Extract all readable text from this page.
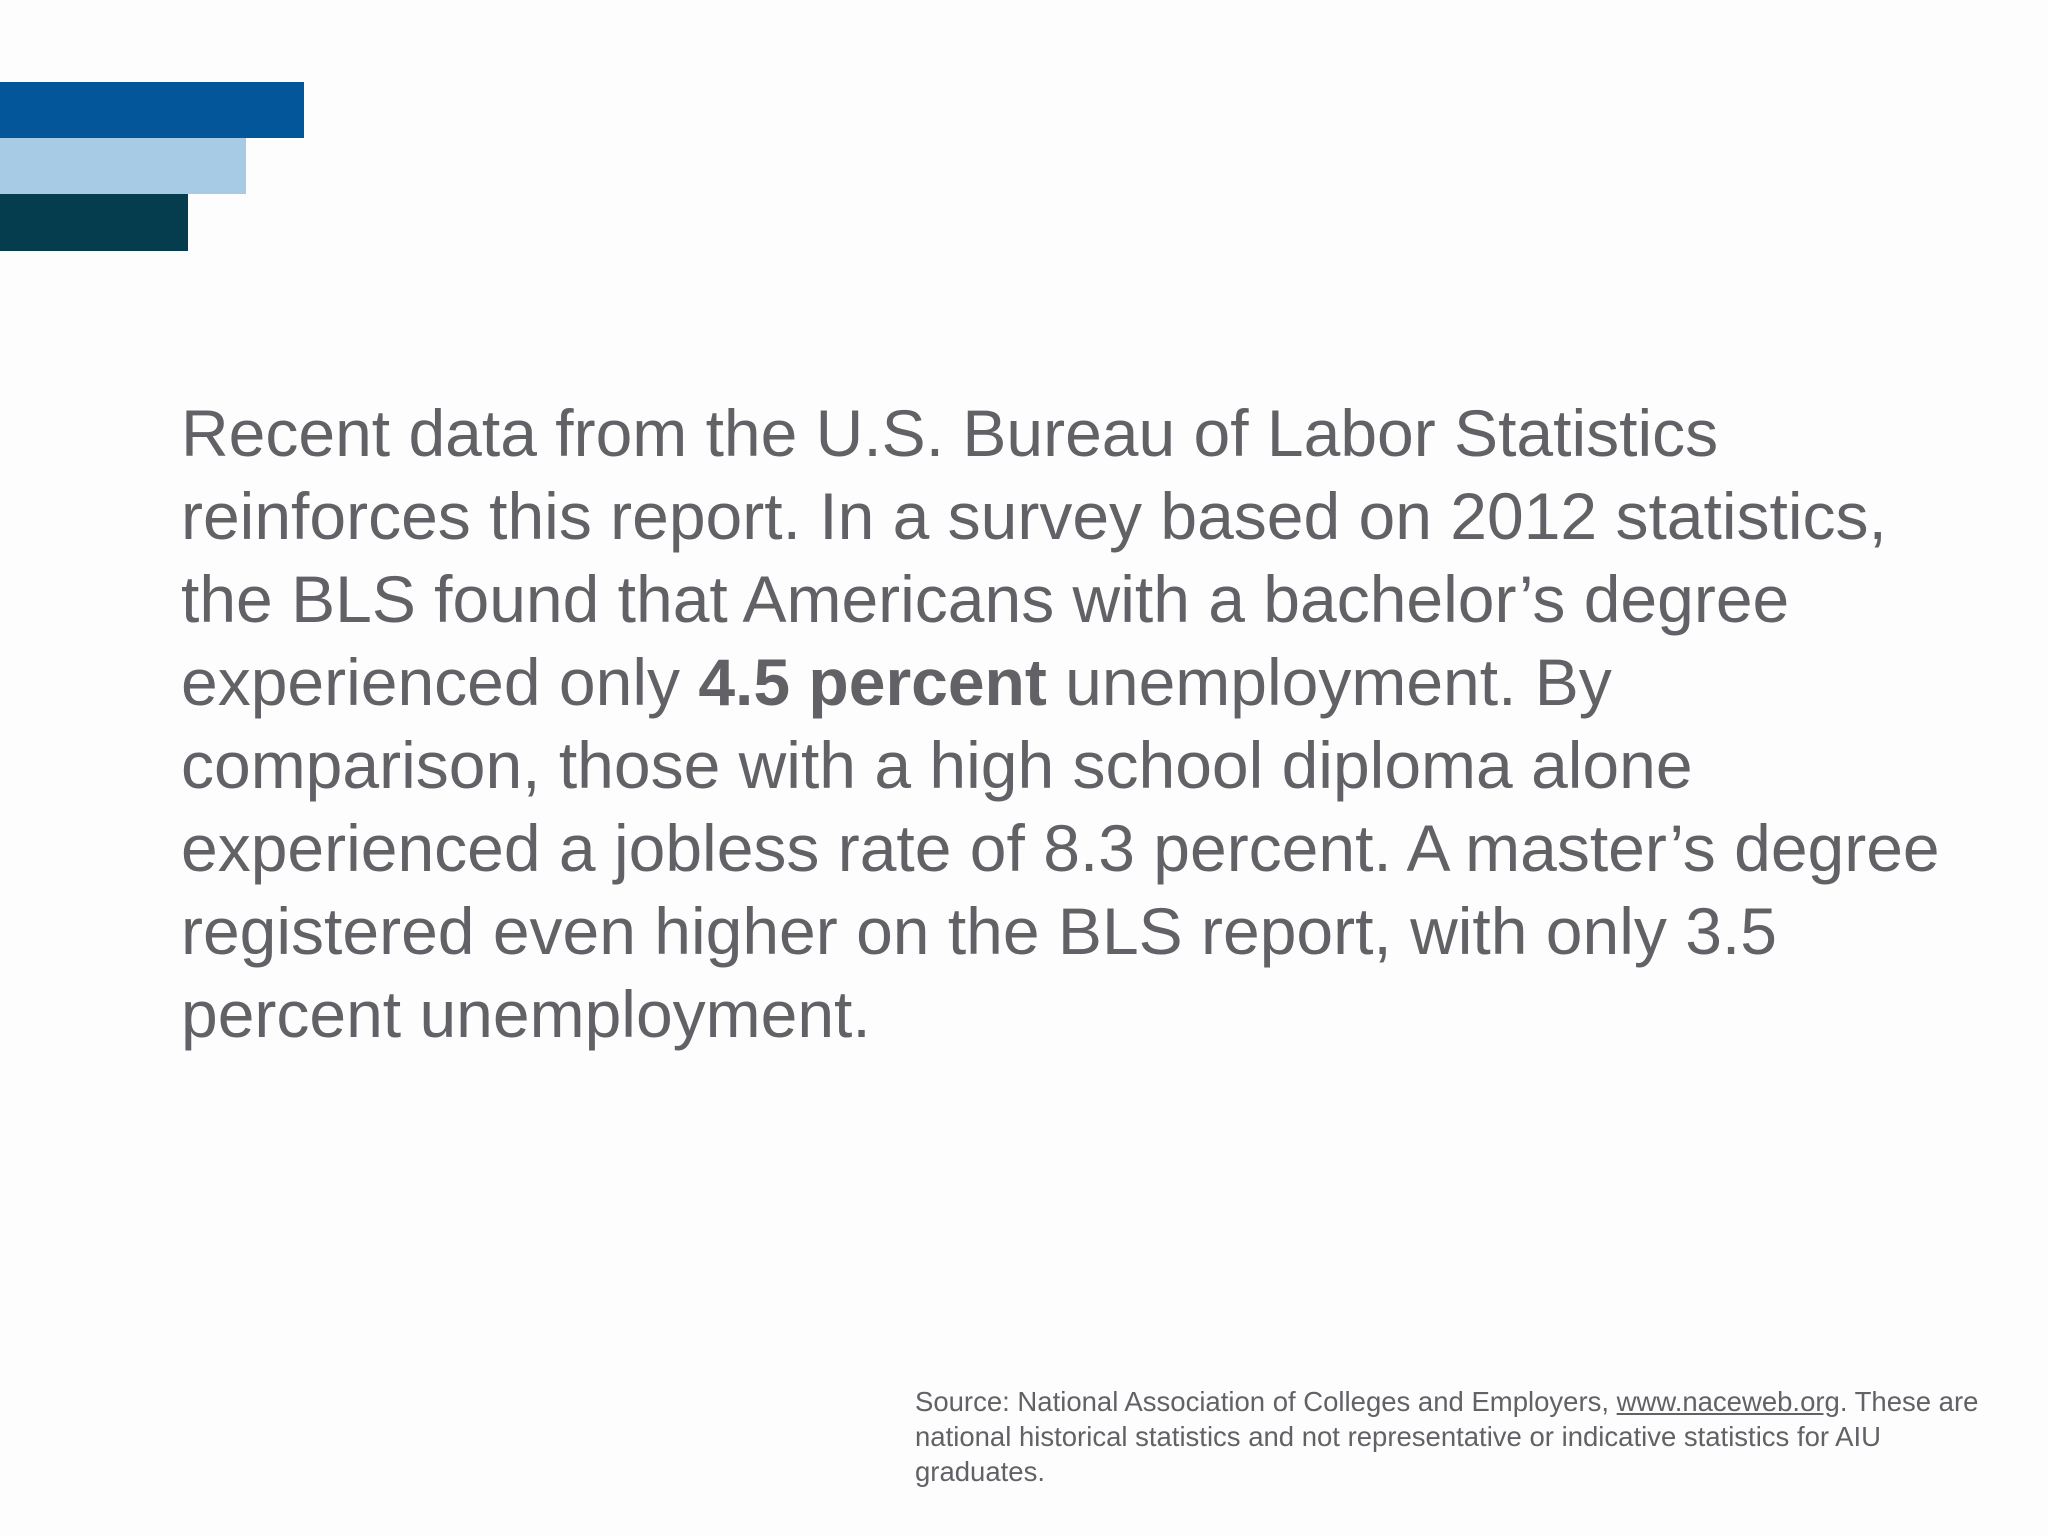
Recent data from the U.S. Bureau of Labor Statistics reinforces this report. In a survey based on 2012 statistics, the BLS found that Americans with a bachelor’s degree experienced only 4.5 percent unemployment. By comparison, those with a high school diploma alone experienced a jobless rate of 8.3 percent. A master’s degree registered even higher on the BLS report, with only 3.5 percent unemployment.

Source: National Association of Colleges and Employers, www.naceweb.org. These are national historical statistics and not representative or indicative statistics for AIU graduates.
